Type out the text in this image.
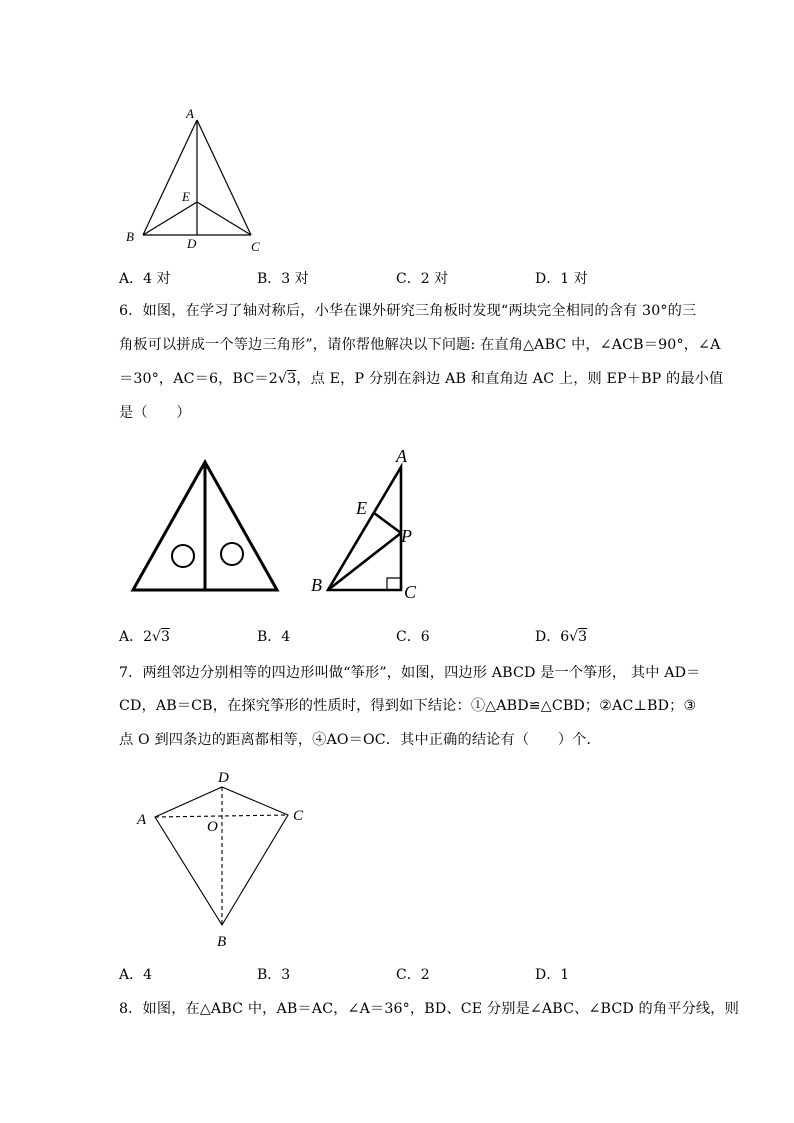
A
E
B	D	C
A．4 对	B．3 对	C．2 对	D．1 对
6．如图，在学习了轴对称后，小华在课外研究三角板时发现“两块完全相同的含有 30°的三
角板可以拼成一个等边三角形”，请你帮他解决以下问题: 在直角△ABC 中，∠ACB＝90°，∠A
＝30°，AC＝6，BC＝2√3，点 E，P 分别在斜边 AB 和直角边 AC 上，则 EP＋BP 的最小值
是（　　）
A
E
P
B	C
A．2√3	B．4	C．6	D．6√3
7．两组邻边分别相等的四边形叫做“筝形”，如图，四边形 ABCD 是一个筝形， 其中 AD＝
CD，AB＝CB，在探究筝形的性质时，得到如下结论：①△ABD≌△CBD；②AC⊥BD；③
点 O 到四条边的距离都相等，④AO＝OC．其中正确的结论有（　　）个．
D
A	O
C
B
A．4	B．3	C．2	D．1
8．如图，在△ABC 中，AB＝AC，∠A＝36°，BD、CE 分别是∠ABC、∠BCD 的角平分线，则
